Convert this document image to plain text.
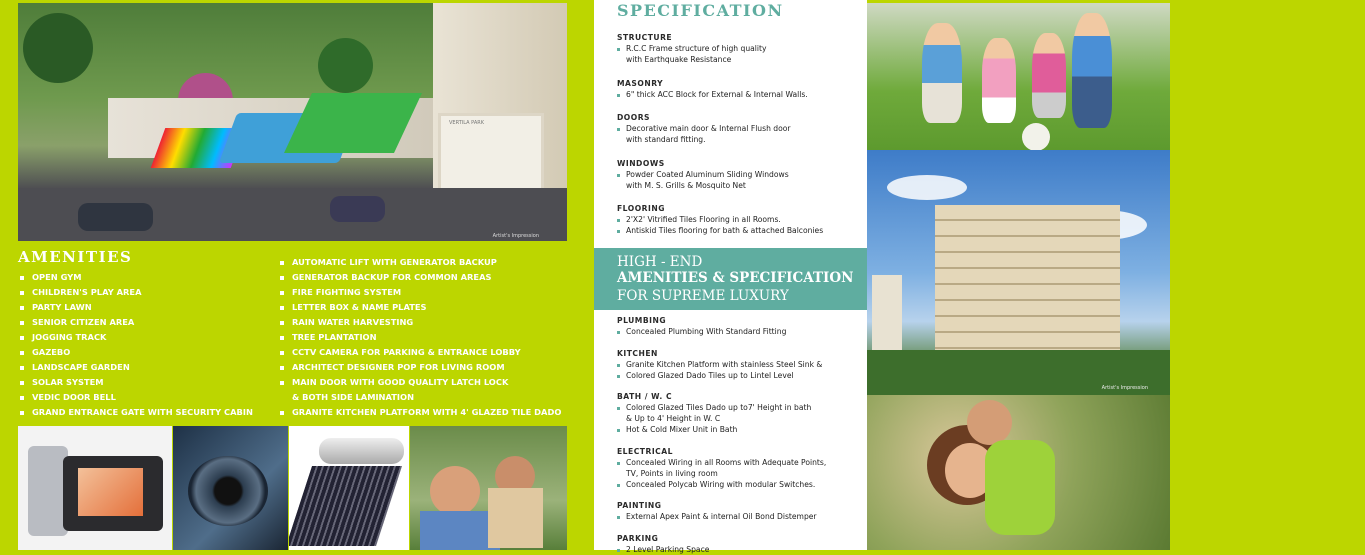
VERTILA PARK
Artist's Impression
AMENITIES
OPEN GYM
CHILDREN'S PLAY AREA
PARTY LAWN
SENIOR CITIZEN AREA
JOGGING TRACK
GAZEBO
LANDSCAPE GARDEN
SOLAR SYSTEM
VEDIC DOOR BELL
GRAND ENTRANCE GATE WITH SECURITY CABIN
AUTOMATIC LIFT WITH GENERATOR BACKUP
GENERATOR BACKUP FOR COMMON AREAS
FIRE FIGHTING SYSTEM
LETTER BOX & NAME PLATES
RAIN WATER HARVESTING
TREE PLANTATION
CCTV CAMERA FOR PARKING & ENTRANCE LOBBY
ARCHITECT DESIGNER POP FOR LIVING ROOM
MAIN DOOR WITH GOOD QUALITY LATCH LOCK
& BOTH SIDE LAMINATION
GRANITE KITCHEN PLATFORM WITH 4' GLAZED TILE DADO
SPECIFICATION
STRUCTURE
R.C.C Frame structure of high quality
with Earthquake Resistance
MASONRY
6" thick ACC Block for External & Internal Walls.
DOORS
Decorative main door & Internal Flush door
with standard fitting.
WINDOWS
Powder Coated Aluminum Sliding Windows
with M. S. Grills & Mosquito Net
FLOORING
2'X2' Vitrified Tiles Flooring in all Rooms.
Antiskid Tiles flooring for bath & attached Balconies
HIGH - END
AMENITIES & SPECIFICATION
FOR SUPREME LUXURY
PLUMBING
Concealed Plumbing With Standard Fitting
KITCHEN
Granite Kitchen Platform with stainless Steel Sink &
Colored Glazed Dado Tiles up to Lintel Level
BATH / W. C
Colored Glazed Tiles Dado up to7' Height in bath
& Up to 4' Height in W. C
Hot & Cold Mixer Unit in Bath
ELECTRICAL
Concealed Wiring in all Rooms with Adequate Points,
TV, Points in living room
Concealed Polycab Wiring with modular Switches.
PAINTING
External Apex Paint & internal Oil Bond Distemper
PARKING
2 Level Parking Space
Artist's Impression
